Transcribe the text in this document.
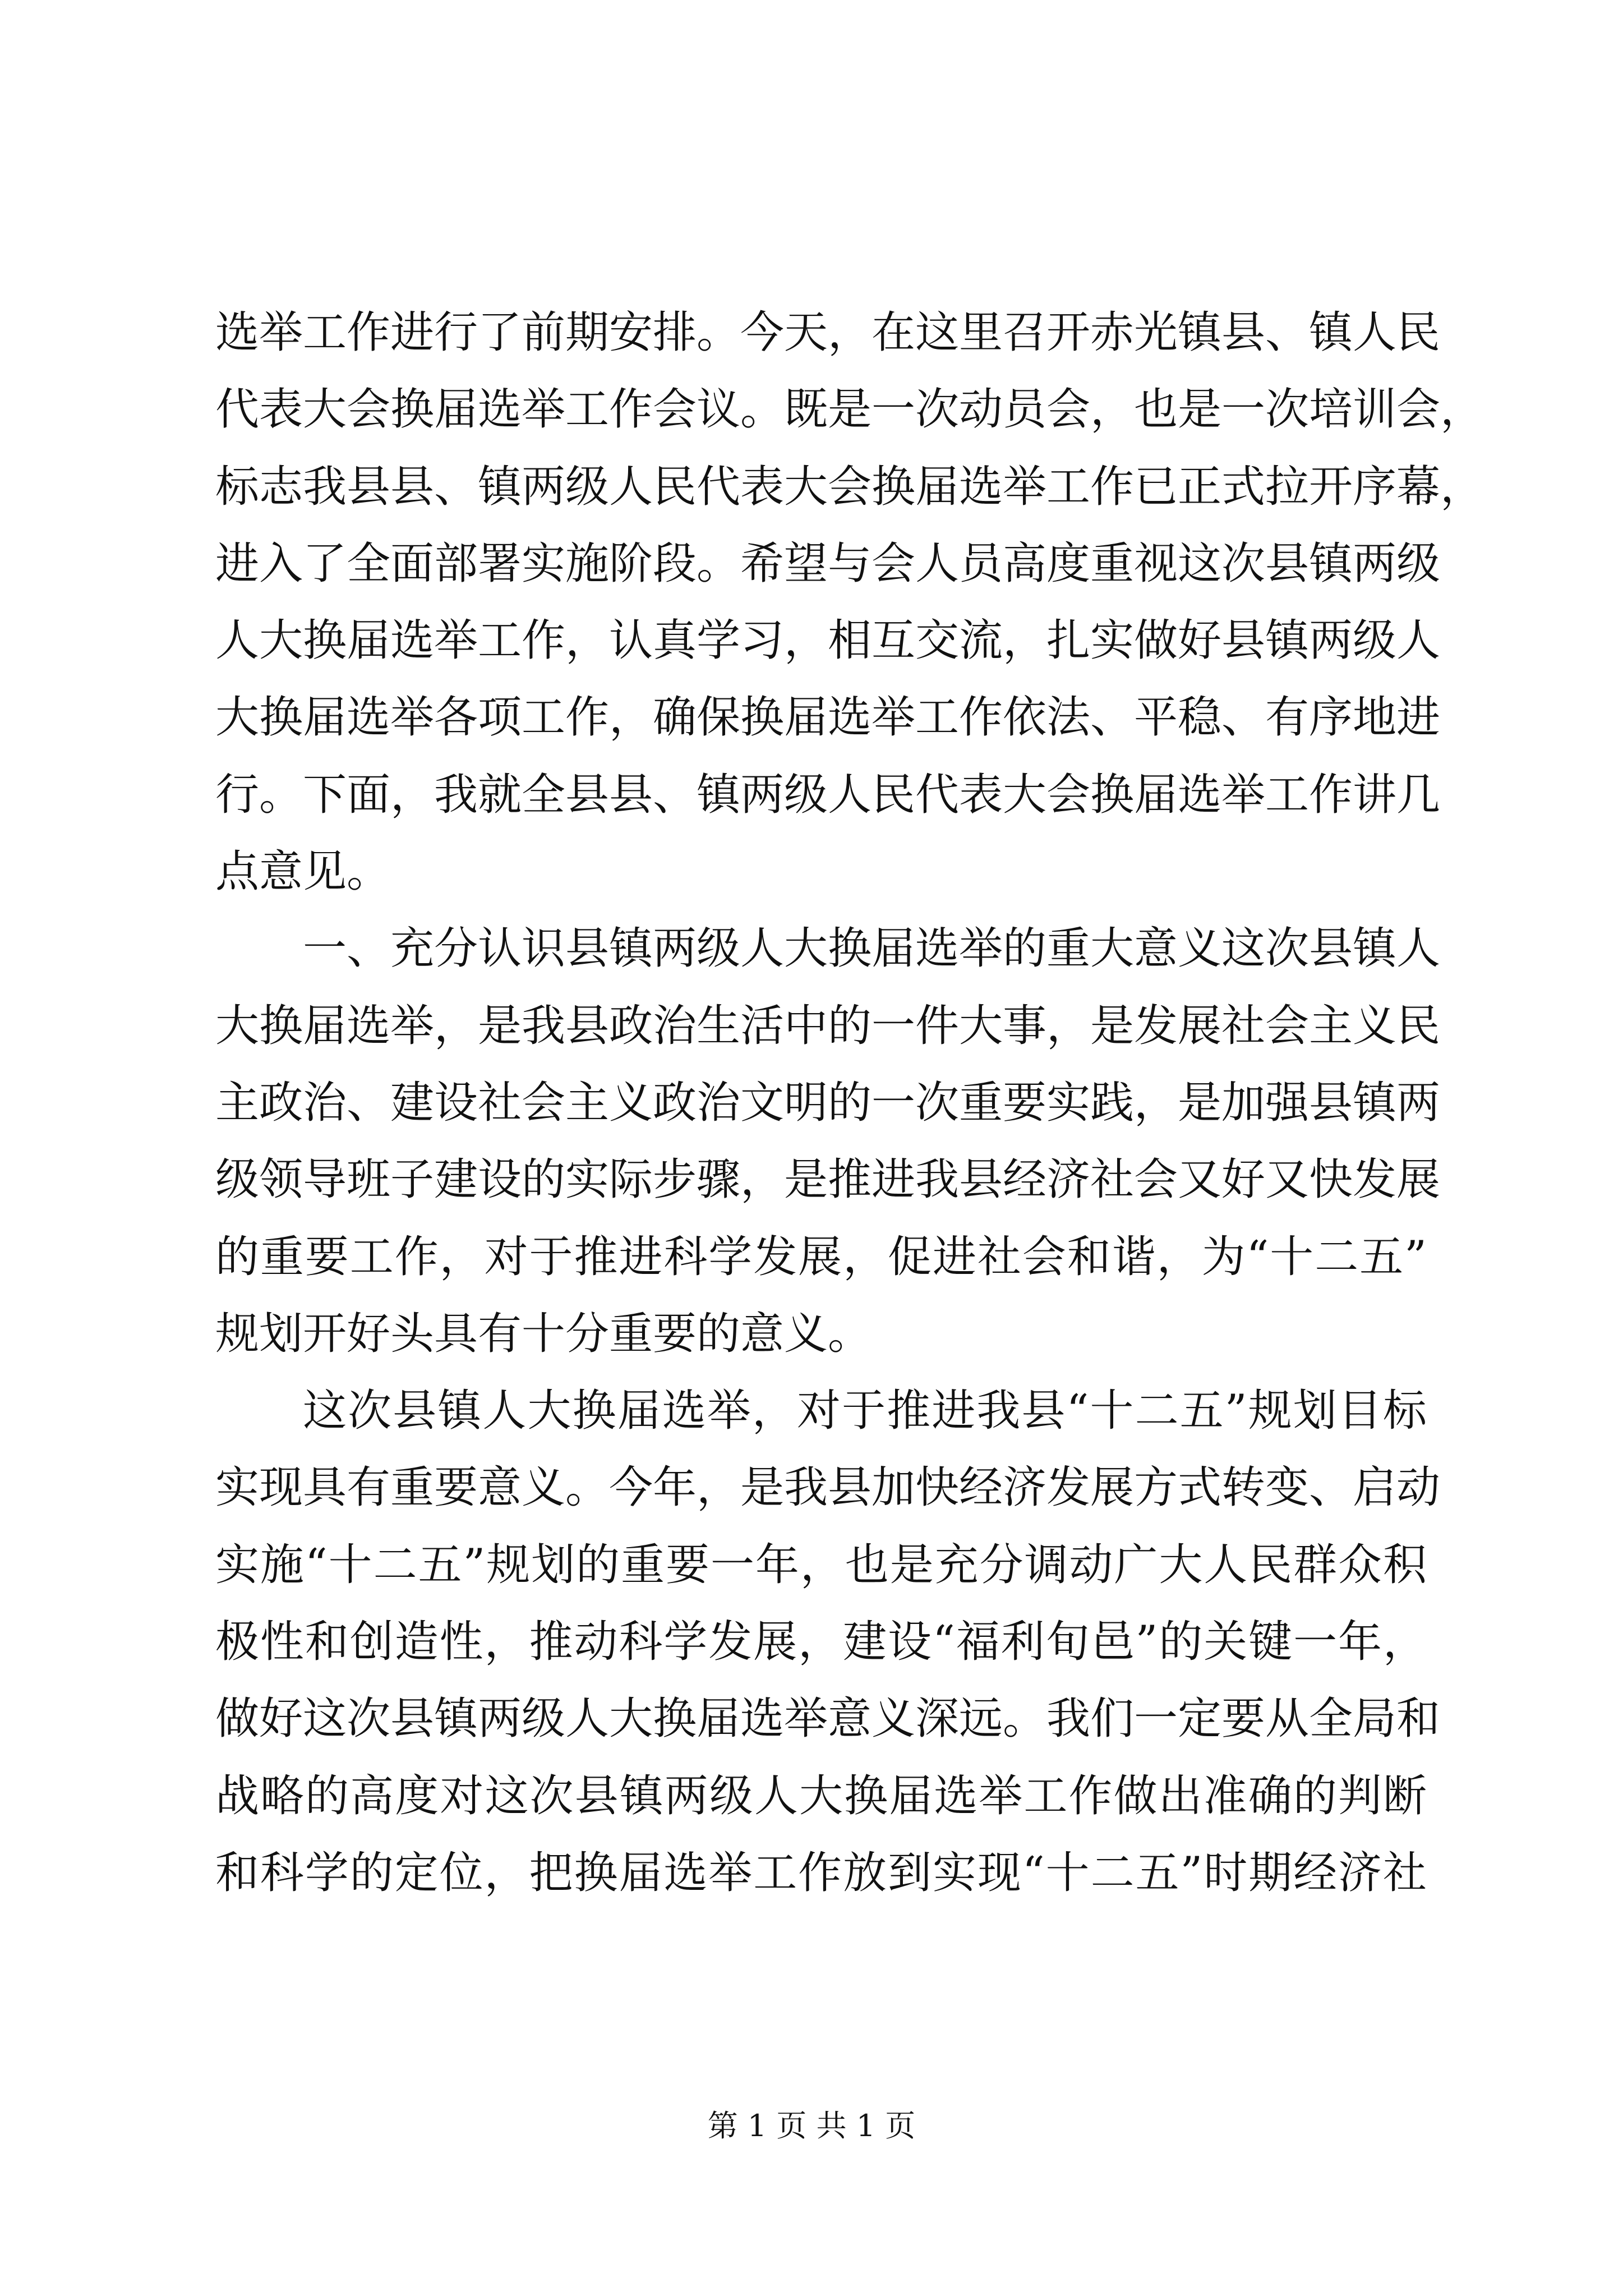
选举工作进行了前期安排。今天，在这里召开赤光镇县、镇人民
代表大会换届选举工作会议。既是一次动员会，也是一次培训会，
标志我县县、镇两级人民代表大会换届选举工作已正式拉开序幕，
进入了全面部署实施阶段。希望与会人员高度重视这次县镇两级
人大换届选举工作，认真学习，相互交流，扎实做好县镇两级人
大换届选举各项工作，确保换届选举工作依法、平稳、有序地进
行。下面，我就全县县、镇两级人民代表大会换届选举工作讲几
点意见。
一、充分认识县镇两级人大换届选举的重大意义这次县镇人
大换届选举，是我县政治生活中的一件大事，是发展社会主义民
主政治、建设社会主义政治文明的一次重要实践，是加强县镇两
级领导班子建设的实际步骤，是推进我县经济社会又好又快发展
的重要工作，对于推进科学发展，促进社会和谐，为“十二五”
规划开好头具有十分重要的意义。
这次县镇人大换届选举，对于推进我县“十二五”规划目标
实现具有重要意义。今年，是我县加快经济发展方式转变、启动
实施“十二五”规划的重要一年，也是充分调动广大人民群众积
极性和创造性，推动科学发展，建设“福利旬邑”的关键一年，
做好这次县镇两级人大换届选举意义深远。我们一定要从全局和
战略的高度对这次县镇两级人大换届选举工作做出准确的判断
和科学的定位，把换届选举工作放到实现“十二五”时期经济社
第 1 页 共 1 页
